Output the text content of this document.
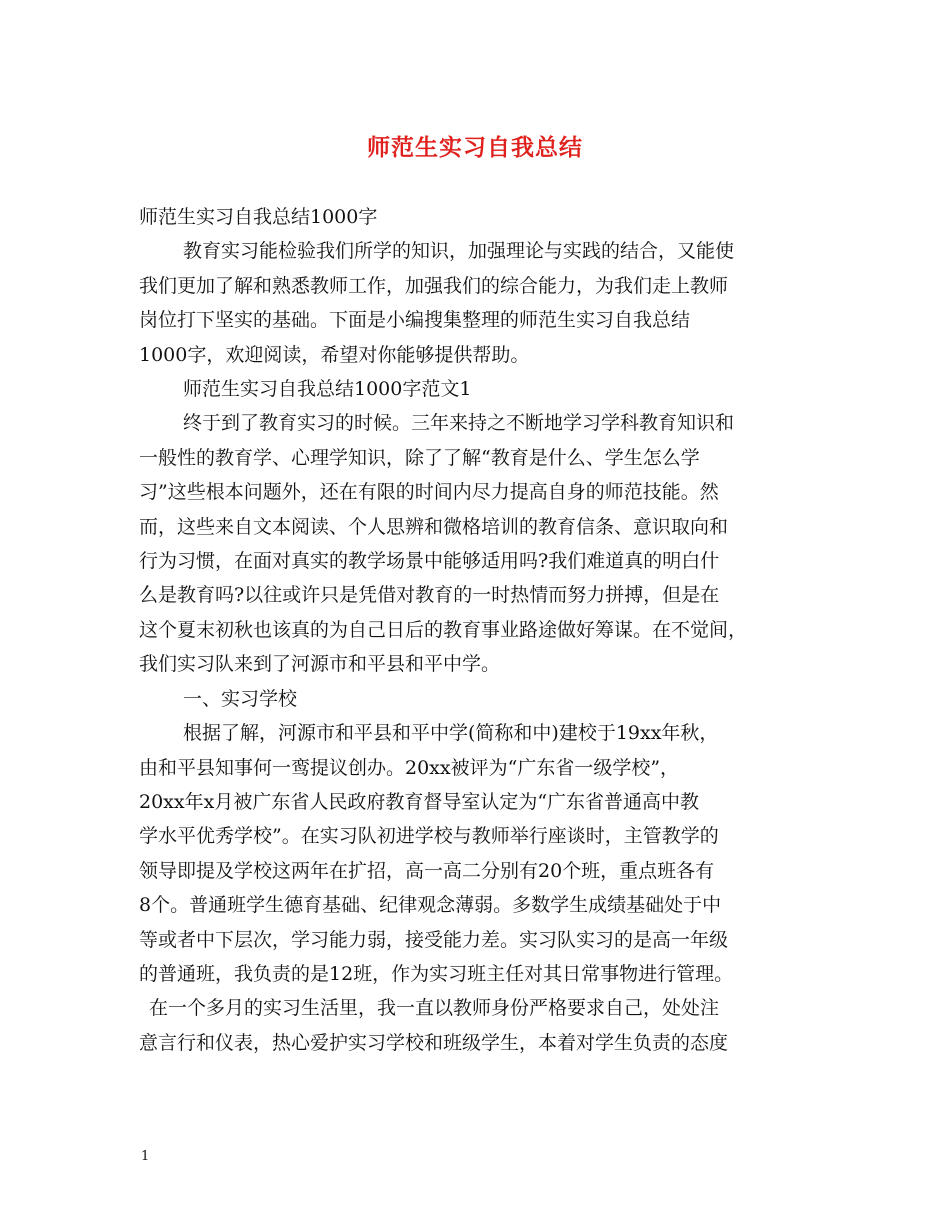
师范生实习自我总结
师范生实习自我总结1000字
教育实习能检验我们所学的知识，加强理论与实践的结合，又能使
我们更加了解和熟悉教师工作，加强我们的综合能力，为我们走上教师
岗位打下坚实的基础。下面是小编搜集整理的师范生实习自我总结
1000字，欢迎阅读，希望对你能够提供帮助。
师范生实习自我总结1000字范文1
终于到了教育实习的时候。三年来持之不断地学习学科教育知识和
一般性的教育学、心理学知识，除了了解“教育是什么、学生怎么学
习”这些根本问题外，还在有限的时间内尽力提高自身的师范技能。然
而，这些来自文本阅读、个人思辨和微格培训的教育信条、意识取向和
行为习惯，在面对真实的教学场景中能够适用吗?我们难道真的明白什
么是教育吗?以往或许只是凭借对教育的一时热情而努力拼搏，但是在
这个夏末初秋也该真的为自己日后的教育事业路途做好筹谋。在不觉间，
我们实习队来到了河源市和平县和平中学。
一、实习学校
根据了解，河源市和平县和平中学(简称和中)建校于19xx年秋，
由和平县知事何一鸾提议创办。20xx被评为“广东省一级学校”，
20xx年x月被广东省人民政府教育督导室认定为“广东省普通高中教
学水平优秀学校”。在实习队初进学校与教师举行座谈时，主管教学的
领导即提及学校这两年在扩招，高一高二分别有20个班，重点班各有
8个。普通班学生德育基础、纪律观念薄弱。多数学生成绩基础处于中
等或者中下层次，学习能力弱，接受能力差。实习队实习的是高一年级
的普通班，我负责的是12班，作为实习班主任对其日常事物进行管理。
在一个多月的实习生活里，我一直以教师身份严格要求自己，处处注
意言行和仪表，热心爱护实习学校和班级学生，本着对学生负责的态度
1
